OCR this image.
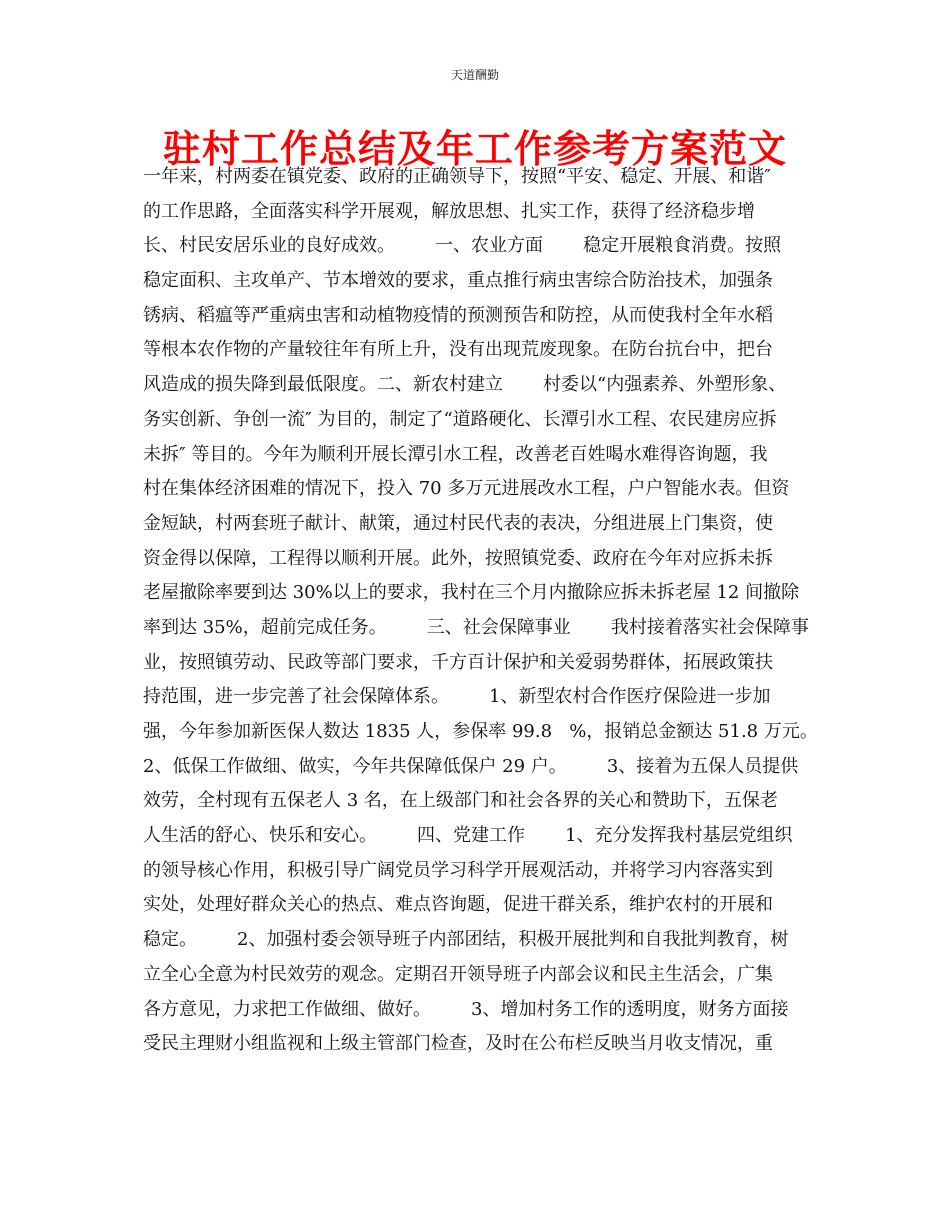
天道酬勤
驻村工作总结及年工作参考方案范文
一年来，村两委在镇党委、政府的正确领导下，按照“平安、稳定、开展、和谐″
的工作思路，全面落实科学开展观，解放思想、扎实工作，获得了经济稳步增
长、村民安居乐业的良好成效。       一、农业方面       稳定开展粮食消费。按照
稳定面积、主攻单产、节本增效的要求，重点推行病虫害综合防治技术，加强条
锈病、稻瘟等严重病虫害和动植物疫情的预测预告和防控，从而使我村全年水稻
等根本农作物的产量较往年有所上升，没有出现荒废现象。在防台抗台中，把台
风造成的损失降到最低限度。二、新农村建立       村委以“内强素养、外塑形象、
务实创新、争创一流″ 为目的，制定了“道路硬化、长潭引水工程、农民建房应拆
未拆″ 等目的。今年为顺利开展长潭引水工程，改善老百姓喝水难得咨询题，我
村在集体经济困难的情况下，投入 70 多万元进展改水工程，户户智能水表。但资
金短缺，村两套班子献计、献策，通过村民代表的表决，分组进展上门集资，使
资金得以保障，工程得以顺利开展。此外，按照镇党委、政府在今年对应拆未拆
老屋撤除率要到达 30%以上的要求，我村在三个月内撤除应拆未拆老屋 12 间撤除
率到达 35%，超前完成任务。       三、社会保障事业       我村接着落实社会保障事
业，按照镇劳动、民政等部门要求，千方百计保护和关爱弱势群体，拓展政策扶
持范围，进一步完善了社会保障体系。       1、新型农村合作医疗保险进一步加
强，今年参加新医保人数达 1835 人，参保率 99.8   %，报销总金额达 51.8 万元。
2、低保工作做细、做实，今年共保障低保户 29 户。       3、接着为五保人员提供
效劳，全村现有五保老人 3 名，在上级部门和社会各界的关心和赞助下，五保老
人生活的舒心、快乐和安心。       四、党建工作       1、充分发挥我村基层党组织
的领导核心作用，积极引导广阔党员学习科学开展观活动，并将学习内容落实到
实处，处理好群众关心的热点、难点咨询题，促进干群关系，维护农村的开展和
稳定。       2、加强村委会领导班子内部团结，积极开展批判和自我批判教育，树
立全心全意为村民效劳的观念。定期召开领导班子内部会议和民主生活会，广集
各方意见，力求把工作做细、做好。       3、增加村务工作的透明度，财务方面接
受民主理财小组监视和上级主管部门检查，及时在公布栏反映当月收支情况，重
